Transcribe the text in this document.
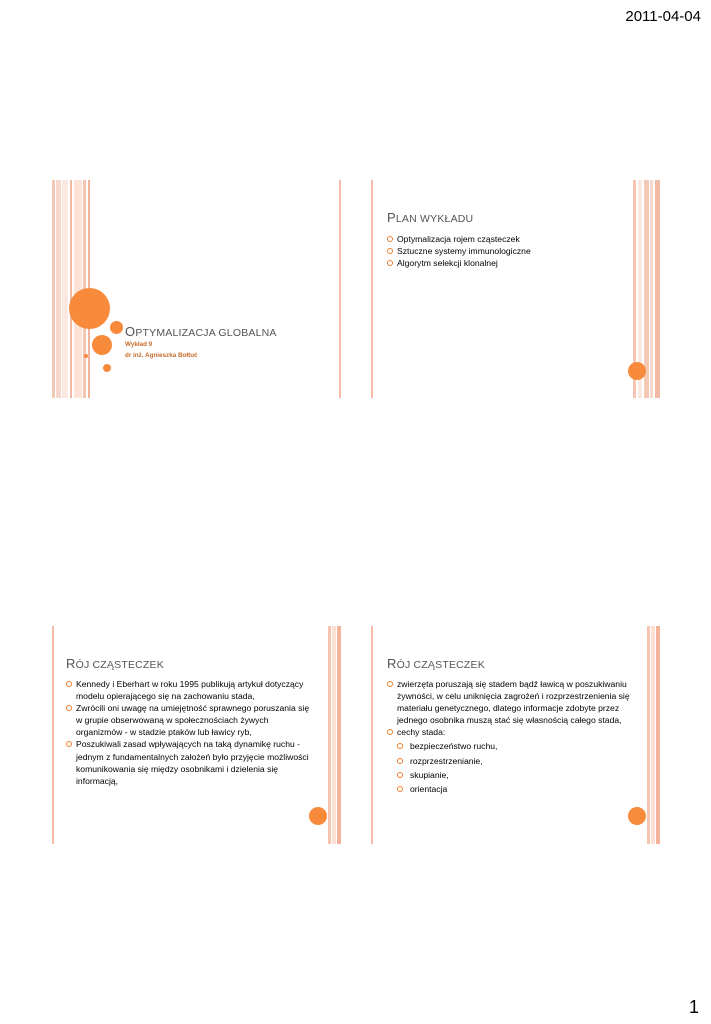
2011-04-04
OPTYMALIZACJA GLOBALNA
Wykład 9
dr inż. Agnieszka Bołtuć
PLAN WYKŁADU
Optymalizacja rojem cząsteczek
Sztuczne systemy immunologiczne
Algorytm selekcji klonalnej
RÓJ CZĄSTECZEK
Kennedy i Eberhart w roku 1995 publikują artykuł dotyczący modelu opierającego się na zachowaniu stada,
Zwrócili oni uwagę na umiejętność sprawnego poruszania się w grupie obserwowaną w społecznościach żywych organizmów - w stadzie ptaków lub ławicy ryb,
Poszukiwali zasad wpływających na taką dynamikę ruchu - jednym z fundamentalnych założeń było przyjęcie możliwości komunikowania się między osobnikami i dzielenia się informacją,
RÓJ CZĄSTECZEK
zwierzęta poruszają się stadem bądź ławicą w poszukiwaniu żywności, w celu uniknięcia zagrożeń i rozprzestrzenienia się materiału genetycznego, dlatego informacje zdobyte przez jednego osobnika muszą stać się własnością całego stada,
cechy stada:
bezpieczeństwo ruchu,
rozprzestrzenianie,
skupianie,
orientacja
1
